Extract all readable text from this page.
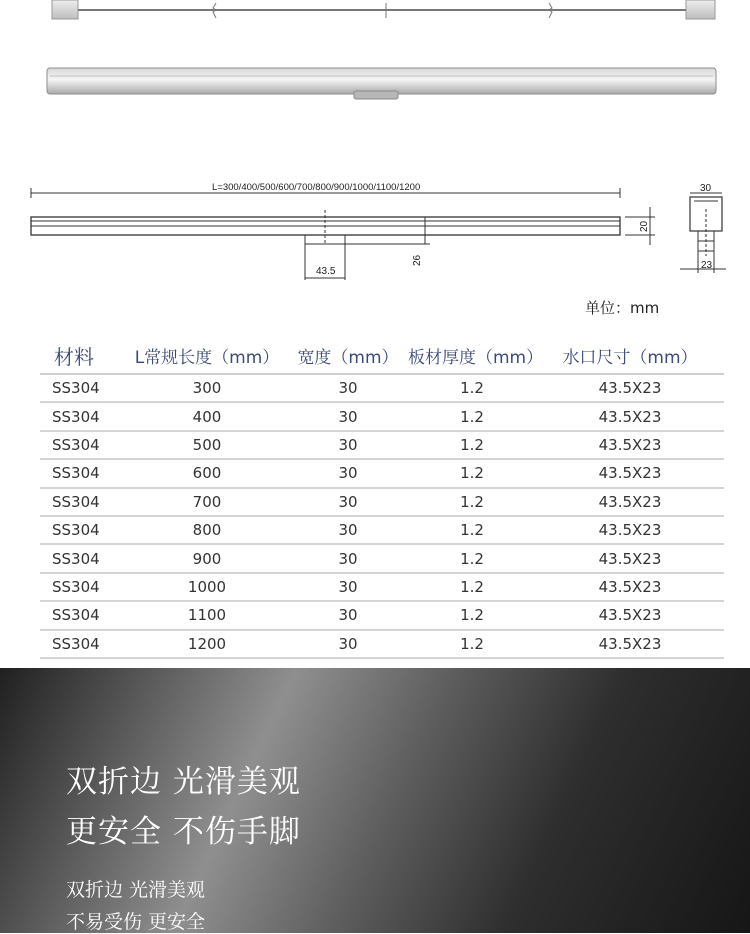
L=300/400/500/600/700/800/900/1000/1100/1200
43.5
26
20
30
23
单位：mm
材料	L常规长度（mm）	宽度（mm）	板材厚度（mm）	水口尺寸（mm）
SS304	300	30	1.2	43.5X23
SS304	400	30	1.2	43.5X23
SS304	500	30	1.2	43.5X23
SS304	600	30	1.2	43.5X23
SS304	700	30	1.2	43.5X23
SS304	800	30	1.2	43.5X23
SS304	900	30	1.2	43.5X23
SS304	1000	30	1.2	43.5X23
SS304	1100	30	1.2	43.5X23
SS304	1200	30	1.2	43.5X23
双折边 光滑美观
更安全 不伤手脚
双折边 光滑美观
不易受伤 更安全
